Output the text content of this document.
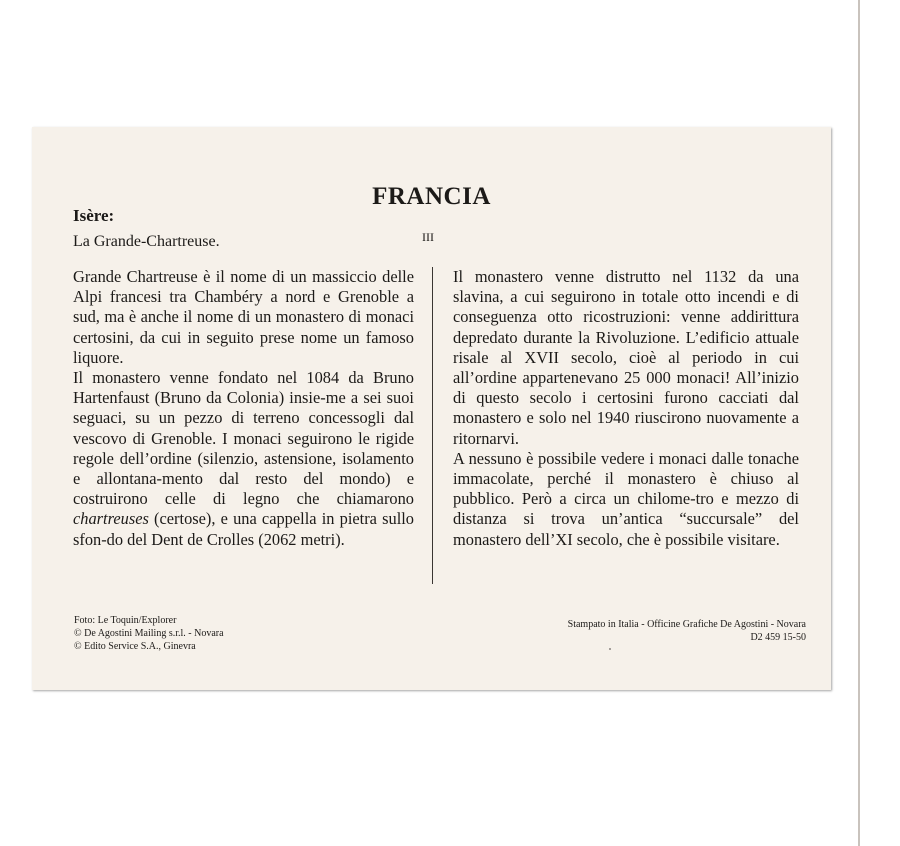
FRANCIA
III
Isère:
La Grande-Chartreuse.

Grande Chartreuse è il nome di un massiccio delle Alpi francesi tra Chambéry a nord e Grenoble a sud, ma è anche il nome di un monastero di monaci certosini, da cui in seguito prese nome un famoso liquore.

Il monastero venne fondato nel 1084 da Bruno Hartenfaust (Bruno da Colonia) insie-me a sei suoi seguaci, su un pezzo di terreno concessogli dal vescovo di Grenoble. I monaci seguirono le rigide regole dell’ordine (silenzio, astensione, isolamento e allontana-mento dal resto del mondo) e costruirono celle di legno che chiamarono chartreuses (certose), e una cappella in pietra sullo sfon-do del Dent de Crolles (2062 metri).

Il monastero venne distrutto nel 1132 da una slavina, a cui seguirono in totale otto incendi e di conseguenza otto ricostruzioni: venne addirittura depredato durante la Rivoluzione. L’edificio attuale risale al XVII secolo, cioè al periodo in cui all’ordine appartenevano 25 000 monaci! All’inizio di questo secolo i certosini furono cacciati dal monastero e solo nel 1940 riuscirono nuovamente a ritornarvi.

A nessuno è possibile vedere i monaci dalle tonache immacolate, perché il monastero è chiuso al pubblico. Però a circa un chilome-tro e mezzo di distanza si trova un’antica “succursale” del monastero dell’XI secolo, che è possibile visitare.

Foto: Le Toquin/Explorer
© De Agostini Mailing s.r.l. - Novara
© Edito Service S.A., Ginevra
Stampato in Italia - Officine Grafiche De Agostini - Novara
D2 459 15-50
